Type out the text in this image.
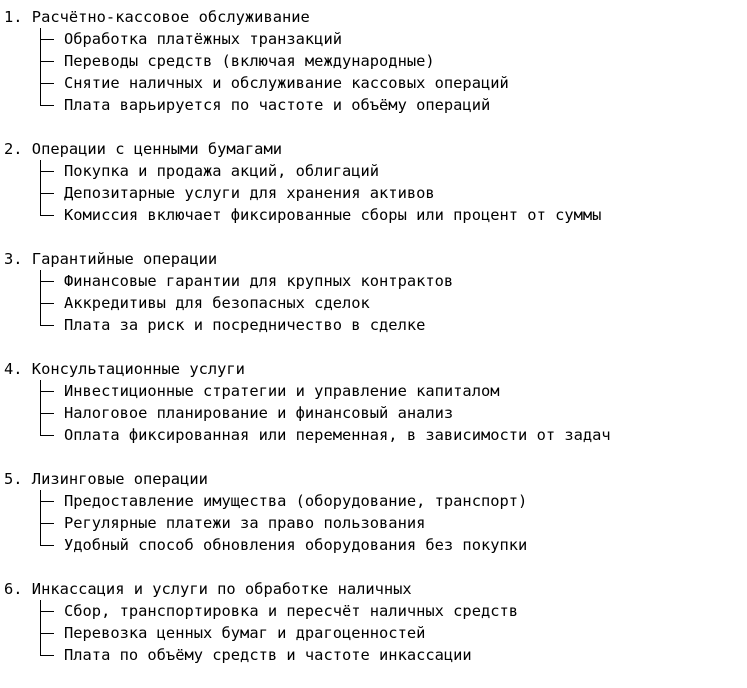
1. Расчётно-кассовое обслуживание
Обработка платёжных транзакций
Переводы средств (включая международные)
Снятие наличных и обслуживание кассовых операций
Плата варьируется по частоте и объёму операций
2. Операции с ценными бумагами
Покупка и продажа акций, облигаций
Депозитарные услуги для хранения активов
Комиссия включает фиксированные сборы или процент от суммы
3. Гарантийные операции
Финансовые гарантии для крупных контрактов
Аккредитивы для безопасных сделок
Плата за риск и посредничество в сделке
4. Консультационные услуги
Инвестиционные стратегии и управление капиталом
Налоговое планирование и финансовый анализ
Оплата фиксированная или переменная, в зависимости от задач
5. Лизинговые операции
Предоставление имущества (оборудование, транспорт)
Регулярные платежи за право пользования
Удобный способ обновления оборудования без покупки
6. Инкассация и услуги по обработке наличных
Сбор, транспортировка и пересчёт наличных средств
Перевозка ценных бумаг и драгоценностей
Плата по объёму средств и частоте инкассации
